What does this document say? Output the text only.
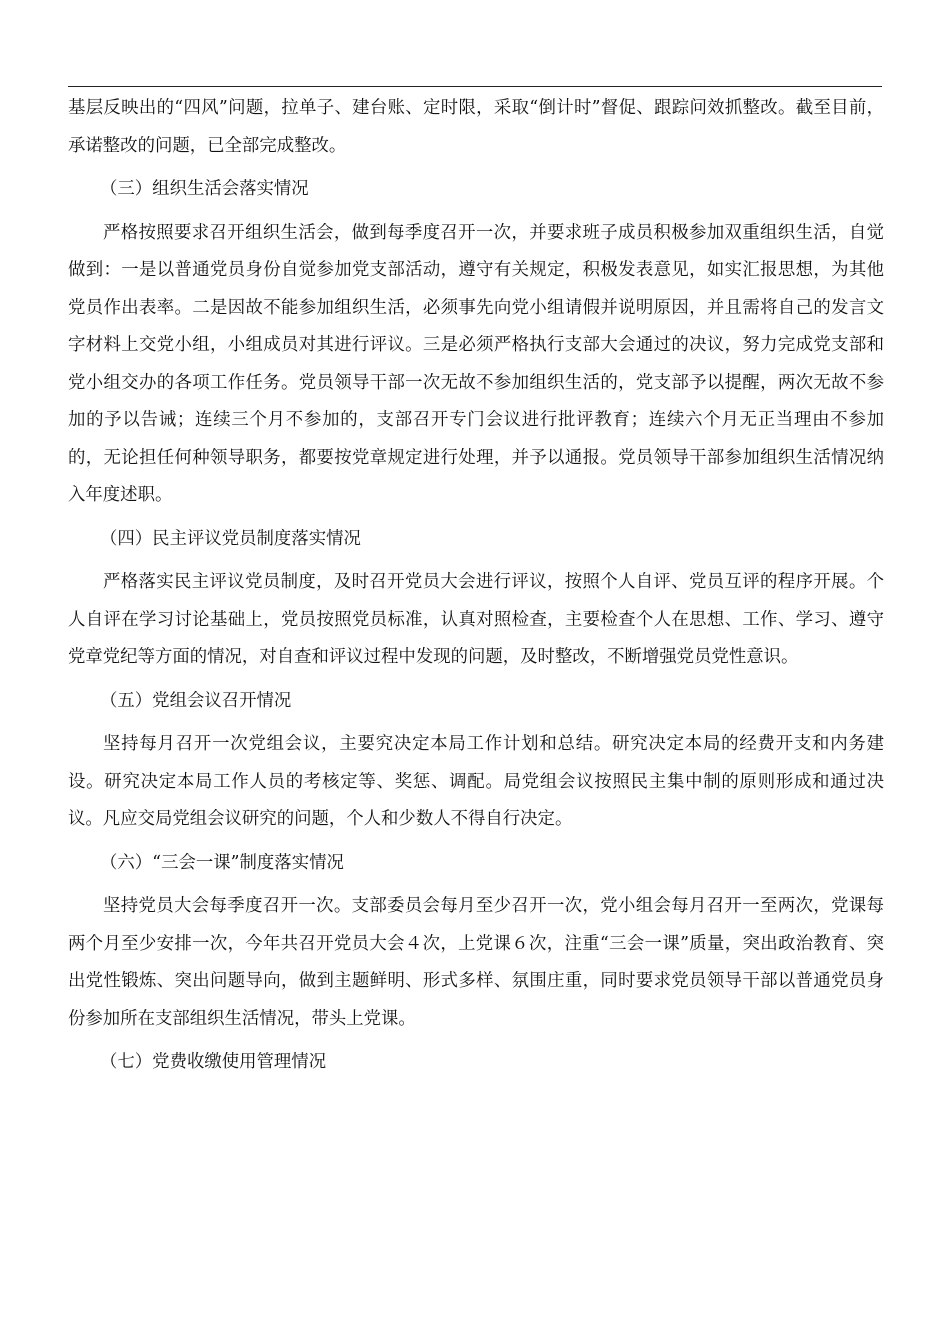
基层反映出的“四风”问题，拉单子、建台账、定时限，采取“倒计时”督促、跟踪问效抓整改。截至目前，承诺整改的问题，已全部完成整改。

（三）组织生活会落实情况

严格按照要求召开组织生活会，做到每季度召开一次，并要求班子成员积极参加双重组织生活，自觉做到：一是以普通党员身份自觉参加党支部活动，遵守有关规定，积极发表意见，如实汇报思想，为其他党员作出表率。二是因故不能参加组织生活，必须事先向党小组请假并说明原因，并且需将自己的发言文字材料上交党小组，小组成员对其进行评议。三是必须严格执行支部大会通过的决议，努力完成党支部和党小组交办的各项工作任务。党员领导干部一次无故不参加组织生活的，党支部予以提醒，两次无故不参加的予以告诫；连续三个月不参加的，支部召开专门会议进行批评教育；连续六个月无正当理由不参加的，无论担任何种领导职务，都要按党章规定进行处理，并予以通报。党员领导干部参加组织生活情况纳入年度述职。

（四）民主评议党员制度落实情况

严格落实民主评议党员制度，及时召开党员大会进行评议，按照个人自评、党员互评的程序开展。个人自评在学习讨论基础上，党员按照党员标准，认真对照检查，主要检查个人在思想、工作、学习、遵守党章党纪等方面的情况，对自查和评议过程中发现的问题，及时整改，不断增强党员党性意识。

（五）党组会议召开情况

坚持每月召开一次党组会议，主要究决定本局工作计划和总结。研究决定本局的经费开支和内务建设。研究决定本局工作人员的考核定等、奖惩、调配。局党组会议按照民主集中制的原则形成和通过决议。凡应交局党组会议研究的问题，个人和少数人不得自行决定。

（六）“三会一课”制度落实情况

坚持党员大会每季度召开一次。支部委员会每月至少召开一次，党小组会每月召开一至两次，党课每两个月至少安排一次，今年共召开党员大会４次，上党课６次，注重“三会一课”质量，突出政治教育、突出党性锻炼、突出问题导向，做到主题鲜明、形式多样、氛围庄重，同时要求党员领导干部以普通党员身份参加所在支部组织生活情况，带头上党课。

（七）党费收缴使用管理情况
